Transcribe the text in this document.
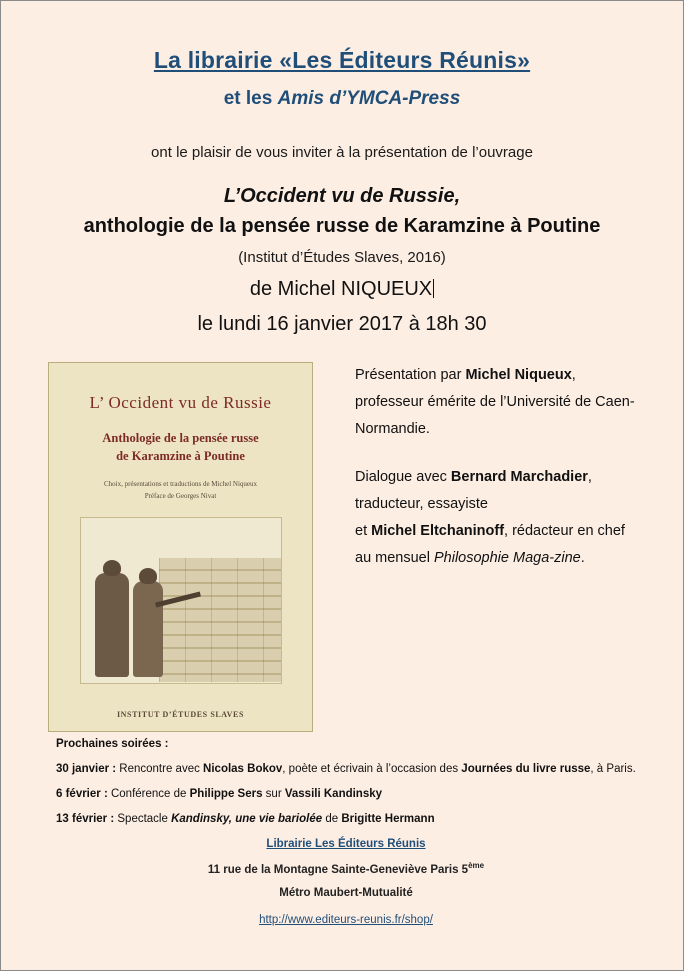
La librairie «Les Éditeurs Réunis»
et les Amis d’YMCA-Press
ont le plaisir de vous inviter à la présentation de l’ouvrage
L’Occident vu de Russie,
anthologie de la pensée russe de Karamzine à Poutine
(Institut d’Études Slaves, 2016)
de Michel NIQUEUX
le lundi 16 janvier 2017 à 18h 30
L’ Occident vu de Russie
Anthologie de la pensée russe
de Karamzine à Poutine
Choix, présentations et traductions de Michel Niqueux
Préface de Georges Nivat
INSTITUT D’ÉTUDES SLAVES

Présentation par Michel Niqueux, professeur émérite de l’Université de Caen-Normandie.

Dialogue avec Bernard Marchadier, traducteur, essayiste
et Michel Eltchaninoff, rédacteur en chef au mensuel Philosophie Maga-zine.

Prochaines soirées :
30 janvier : Rencontre avec Nicolas Bokov, poète et écrivain à l’occasion des Journées du livre russe, à Paris.
6 février : Conférence de Philippe Sers sur Vassili Kandinsky
13 février : Spectacle Kandinsky, une vie bariolée de Brigitte Hermann
Librairie Les Éditeurs Réunis
11 rue de la Montagne Sainte-Geneviève Paris 5ème
Métro Maubert-Mutualité
http://www.editeurs-reunis.fr/shop/
